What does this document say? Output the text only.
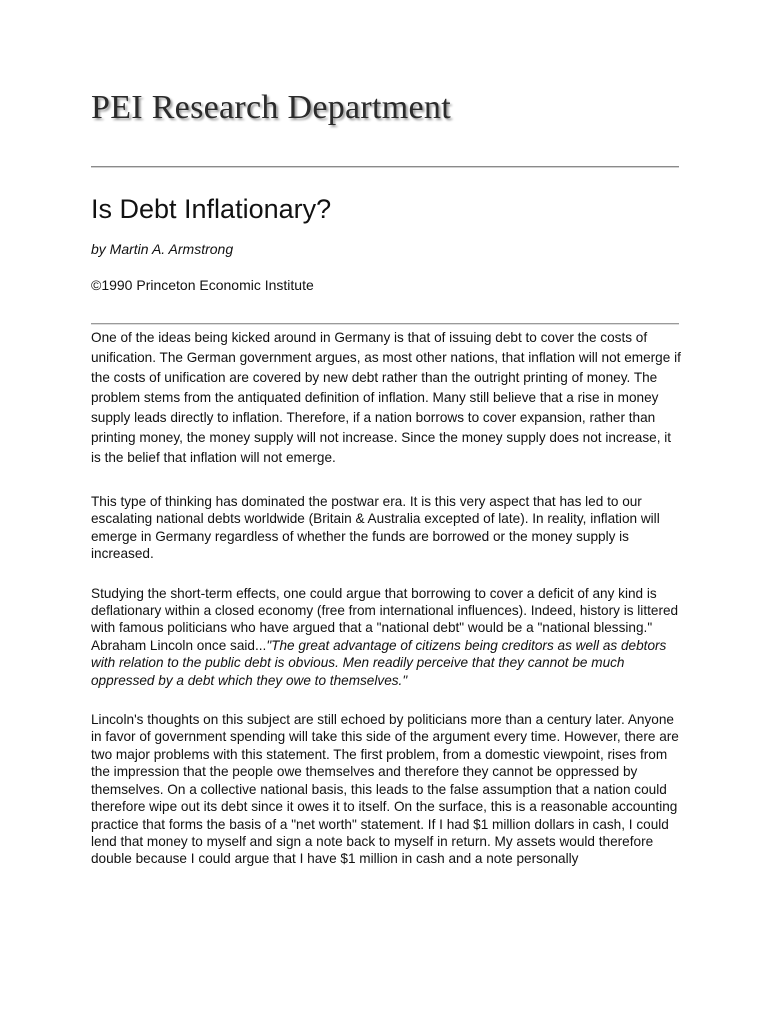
PEI Research Department
Is Debt Inflationary?
by Martin A. Armstrong
©1990 Princeton Economic Institute

One of the ideas being kicked around in Germany is that of issuing debt to cover the costs of unification. The German government argues, as most other nations, that inflation will not emerge if the costs of unification are covered by new debt rather than the outright printing of money. The problem stems from the antiquated definition of inflation. Many still believe that a rise in money supply leads directly to inflation. Therefore, if a nation borrows to cover expansion, rather than printing money, the money supply will not increase. Since the money supply does not increase, it is the belief that inflation will not emerge.

This type of thinking has dominated the postwar era. It is this very aspect that has led to our escalating national debts worldwide (Britain & Australia excepted of late). In reality, inflation will emerge in Germany regardless of whether the funds are borrowed or the money supply is increased.

Studying the short-term effects, one could argue that borrowing to cover a deficit of any kind is deflationary within a closed economy (free from international influences). Indeed, history is littered with famous politicians who have argued that a "national debt" would be a "national blessing." Abraham Lincoln once said..."The great advantage of citizens being creditors as well as debtors with relation to the public debt is obvious. Men readily perceive that they cannot be much oppressed by a debt which they owe to themselves."

Lincoln's thoughts on this subject are still echoed by politicians more than a century later. Anyone in favor of government spending will take this side of the argument every time. However, there are two major problems with this statement. The first problem, from a domestic viewpoint, rises from the impression that the people owe themselves and therefore they cannot be oppressed by themselves. On a collective national basis, this leads to the false assumption that a nation could therefore wipe out its debt since it owes it to itself. On the surface, this is a reasonable accounting practice that forms the basis of a "net worth" statement. If I had $1 million dollars in cash, I could lend that money to myself and sign a note back to myself in return. My assets would therefore double because I could argue that I have $1 million in cash and a note personally
